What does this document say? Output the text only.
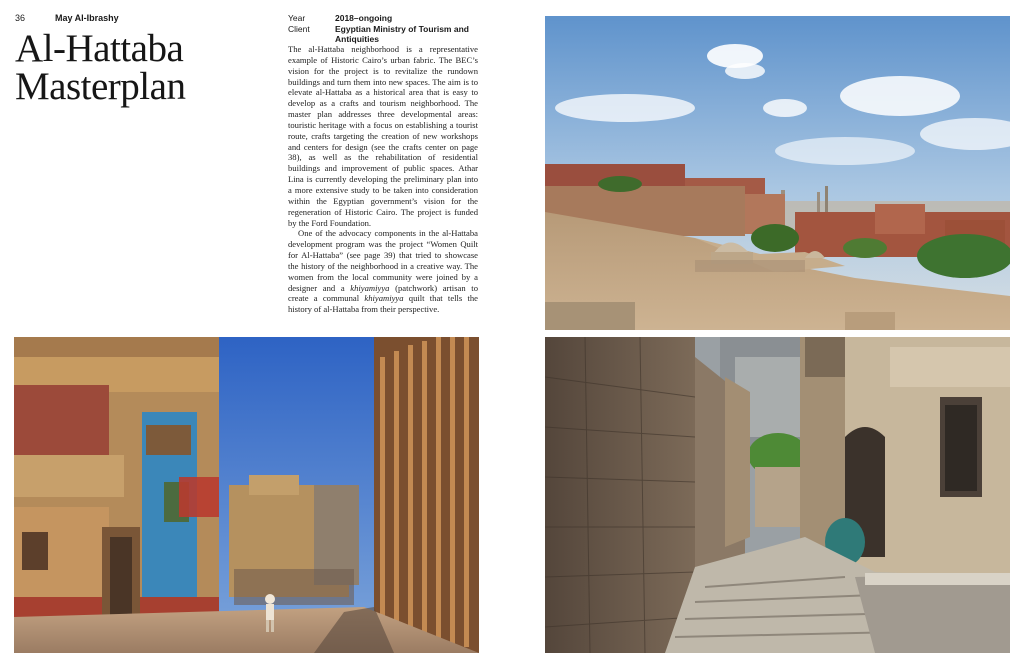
36	May Al-Ibrashy
Al-Hattaba
Masterplan
Year	2018–ongoing
Client	Egyptian Ministry of Tourism and Antiquities

The al-Hattaba neighborhood is a representative example of Historic Cairo’s urban fabric. The BEC’s vision for the project is to revitalize the rundown buildings and turn them into new spaces. The aim is to elevate al-Hattaba as a historical area that is easy to develop as a crafts and tourism neighborhood. The master plan addresses three developmental areas: touristic heritage with a focus on establishing a tourist route, crafts targeting the creation of new workshops and centers for design (see the crafts center on page 38), as well as the rehabilitation of residential buildings and improvement of public spaces. Athar Lina is currently developing the preliminary plan into a more extensive study to be taken into consideration within the Egyptian government’s vision for the regeneration of Historic Cairo. The project is funded by the Ford Foundation.

One of the advocacy components in the al-Hattaba development program was the project “Women Quilt for Al-Hattaba” (see page 39) that tried to showcase the history of the neighborhood in a creative way. The women from the local community were joined by a designer and a khiyamiyya (patchwork) artisan to create a communal khiyamiyya quilt that tells the history of al-Hattaba from their perspective.
